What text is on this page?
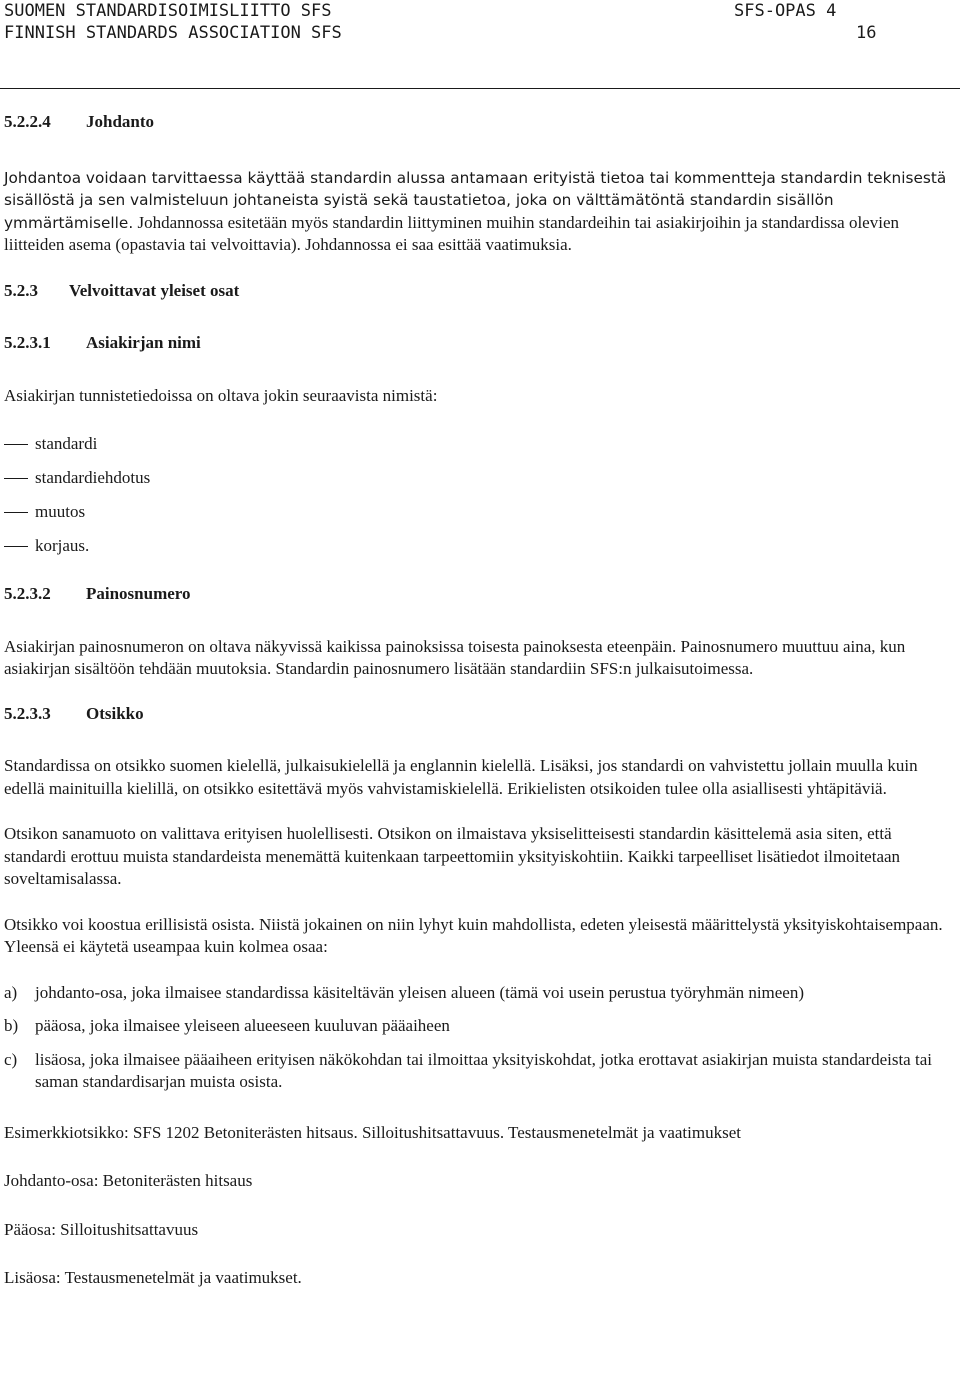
SUOMEN STANDARDISOIMISLIITTO SFS	SFS-OPAS 4
FINNISH STANDARDS ASSOCIATION SFS	16

5.2.2.4 Johdanto

Johdantoa voidaan tarvittaessa käyttää standardin alussa antamaan erityistä tietoa tai kommentteja standardin teknisestä sisällöstä ja sen valmisteluun johtaneista syistä sekä taustatietoa, joka on välttämätöntä standardin sisällön ymmärtämiselle. Johdannossa esitetään myös standardin liittyminen muihin standardeihin tai asiakirjoihin ja standardissa olevien liitteiden asema (opastavia tai velvoittavia). Johdannossa ei saa esittää vaatimuksia.

5.2.3 Velvoittavat yleiset osat

5.2.3.1 Asiakirjan nimi

Asiakirjan tunnistetiedoissa on oltava jokin seuraavista nimistä:

standardi
standardiehdotus
muutos
korjaus.

5.2.3.2 Painosnumero

Asiakirjan painosnumeron on oltava näkyvissä kaikissa painoksissa toisesta painoksesta eteenpäin. Painosnumero muuttuu aina, kun asiakirjan sisältöön tehdään muutoksia. Standardin painosnumero lisätään standardiin SFS:n julkaisutoimessa.

5.2.3.3 Otsikko

Standardissa on otsikko suomen kielellä, julkaisukielellä ja englannin kielellä. Lisäksi, jos standardi on vahvistettu jollain muulla kuin edellä mainituilla kielillä, on otsikko esitettävä myös vahvistamiskielellä. Erikielisten otsikoiden tulee olla asiallisesti yhtäpitäviä.

Otsikon sanamuoto on valittava erityisen huolellisesti. Otsikon on ilmaistava yksiselitteisesti standardin käsittelemä asia siten, että standardi erottuu muista standardeista menemättä kuitenkaan tarpeettomiin yksityiskohtiin. Kaikki tarpeelliset lisätiedot ilmoitetaan soveltamisalassa.

Otsikko voi koostua erillisistä osista. Niistä jokainen on niin lyhyt kuin mahdollista, edeten yleisestä määrittelystä yksityiskohtaisempaan. Yleensä ei käytetä useampaa kuin kolmea osaa:

a) johdanto-osa, joka ilmaisee standardissa käsiteltävän yleisen alueen (tämä voi usein perustua työryhmän nimeen)
b) pääosa, joka ilmaisee yleiseen alueeseen kuuluvan pääaiheen
c) lisäosa, joka ilmaisee pääaiheen erityisen näkökohdan tai ilmoittaa yksityiskohdat, jotka erottavat asiakirjan muista standardeista tai saman standardisarjan muista osista.

Esimerkkiotsikko: SFS 1202 Betoniterästen hitsaus. Silloitushitsattavuus. Testausmenetelmät ja vaatimukset

Johdanto-osa: Betoniterästen hitsaus

Pääosa: Silloitushitsattavuus

Lisäosa: Testausmenetelmät ja vaatimukset.
